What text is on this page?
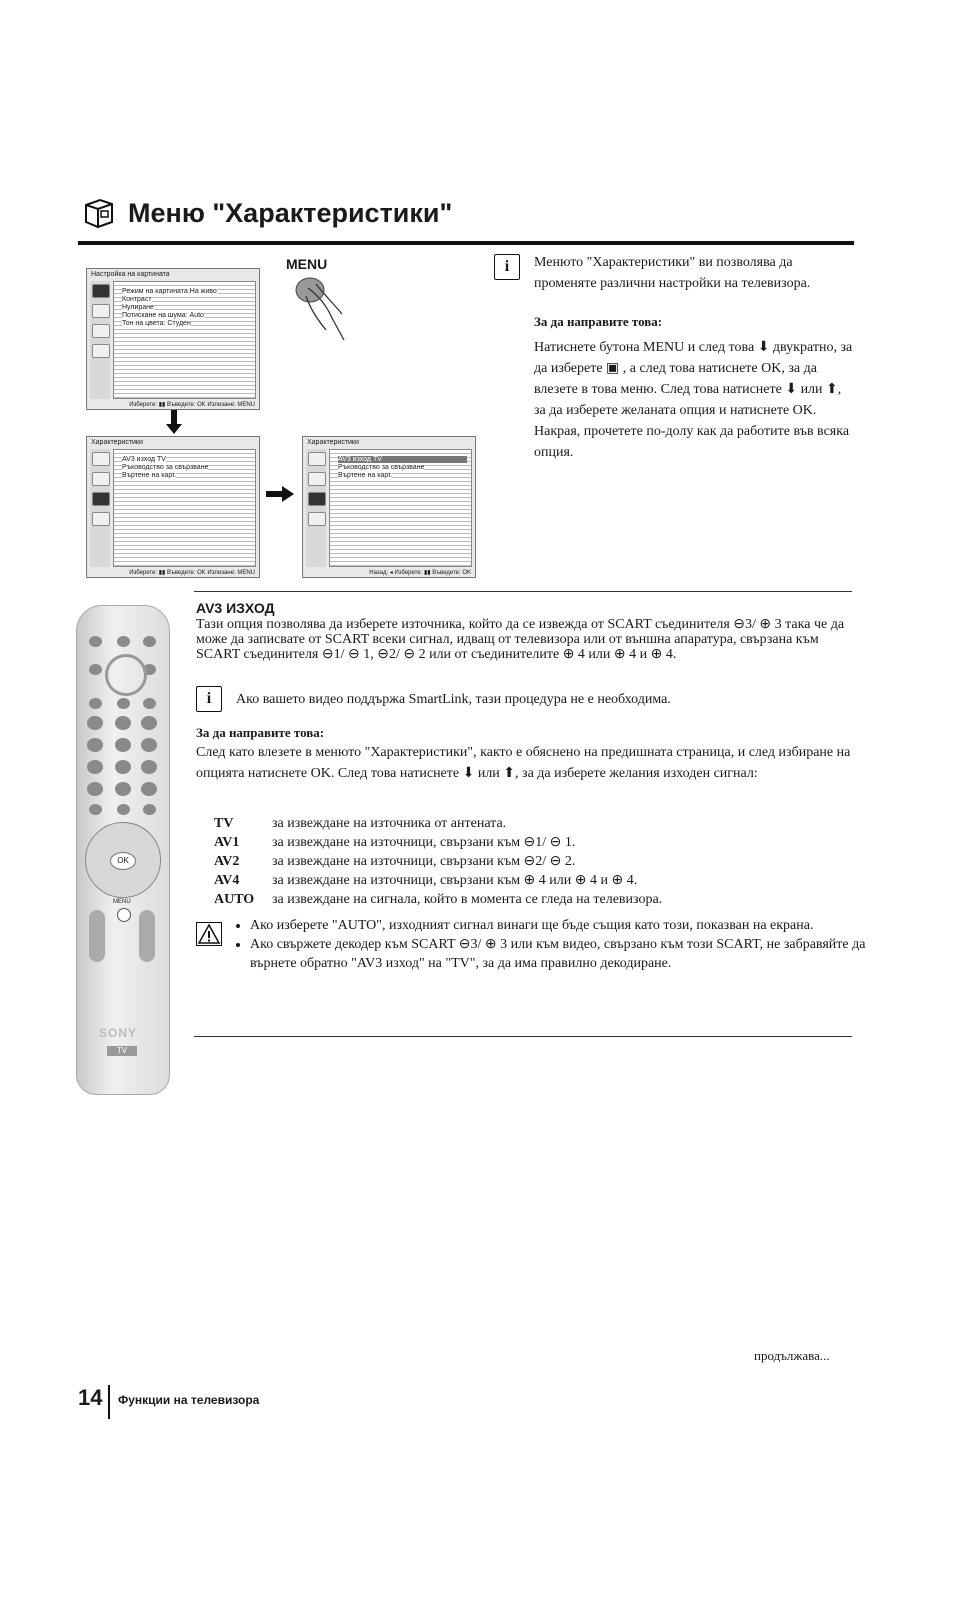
Меню "Характеристики"
Настройка на картината
Режим на картината:На живо
Контраст
Нулиране
Потискане на шума: Auto
Тон на цвета: Студен
Изберете: ▮▮ Въведете: OK Излизане: MENU
MENU
Характеристики
AV3 изход TV
Ръководство за свързване
Въртене на карт.
Изберете: ▮▮ Въведете: OK Излизане: MENU
Характеристики
AV3 изход TV
Ръководство за свързване
Въртене на карт.
Назад: ◂ Изберете: ▮▮ Въведете: OK
i	Менюто "Характеристики" ви позволява да променяте различни настройки на телевизора.
За да направите това:
Натиснете бутона MENU и след това ⬇ двукратно, за да изберете ▣ , а след това натиснете OK, за да влезете в това меню. След това натиснете ⬇ или ⬆, за да изберете желаната опция и натиснете OK. Накрая, прочетете по-долу как да работите във всяка опция.
OK
MENU
SONY
TV
AV3 ИЗХОД
Тази опция позволява да изберете източника, който да се извежда от SCART съединителя ⊖3/ ⊕ 3 така че да може да записвате от SCART всеки сигнал, идващ от телевизора или от външна апаратура, свързана към SCART съединителя ⊖1/ ⊖ 1, ⊖2/ ⊖ 2 или от съединителите ⊕ 4 или ⊕ 4 и ⊕ 4.
i	Ако вашето видео поддържа SmartLink, тази процедура не е необходима.
За да направите това:
След като влезете в менюто "Характеристики", както е обяснено на предишната страница, и след избиране на опцията натиснете OK. След това натиснете ⬇ или ⬆, за да изберете желания изходен сигнал:
TV	за извеждане на източника от антената.
AV1	за извеждане на източници, свързани към ⊖1/ ⊖ 1.
AV2	за извеждане на източници, свързани към ⊖2/ ⊖ 2.
AV4	за извеждане на източници, свързани към ⊕ 4 или ⊕ 4 и ⊕ 4.
AUTO	за извеждане на сигнала, който в момента се гледа на телевизора.
• Ако изберете "AUTO", изходният сигнал винаги ще бъде същия като този, показван на екрана.
• Ако свържете декодер към SCART ⊖3/ ⊕ 3 или към видео, свързано към този SCART, не забравяйте да върнете обратно "AV3 изход" на "TV", за да има правилно декодиране.
продължава...
14 Функции на телевизора
